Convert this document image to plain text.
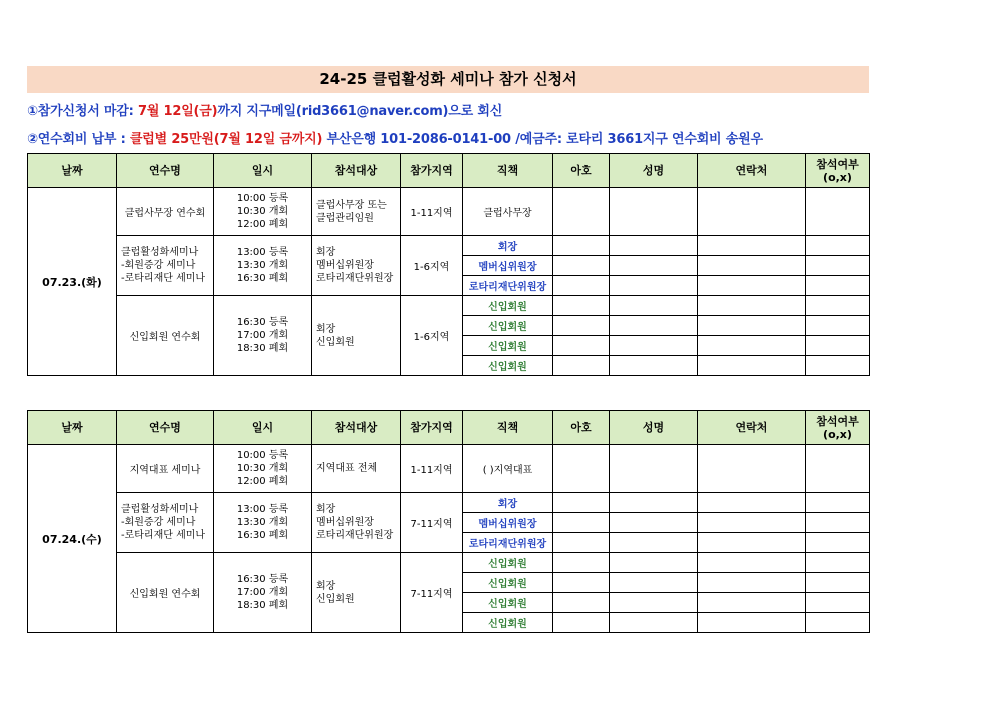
24-25 클럽활성화 세미나 참가 신청서
①참가신청서 마감: 7월 12일(금)까지 지구메일(rid3661@naver.com)으로 회신
②연수회비 납부 : 클럽별 25만원(7월 12일 금까지) 부산은행 101-2086-0141-00 /예금주: 로타리 3661지구 연수회비 송원우
날짜	연수명	일시	참석대상	참가지역	직책	아호	성명	연락처	참석여부
(o,x)
07.23.(화)	클럽사무장 연수회	10:00 등록
10:30 개회
12:00 폐회	클럽사무장 또는
클럽관리임원	1-11지역	클럽사무장				
	클럽활성화세미나
-회원증강 세미나
-로타리재단 세미나	13:00 등록
13:30 개회
16:30 폐회	회장
멤버십위원장
로타리재단위원장	1-6지역	회장				
					멤버십위원장				
					로타리재단위원장				
	신입회원 연수회	16:30 등록
17:00 개회
18:30 폐회	회장
신입회원	1-6지역	신입회원				
					신입회원				
					신입회원				
					신입회원				
날짜	연수명	일시	참석대상	참가지역	직책	아호	성명	연락처	참석여부
(o,x)
07.24.(수)	지역대표 세미나	10:00 등록
10:30 개회
12:00 폐회	지역대표 전체	1-11지역	( )지역대표				
	클럽활성화세미나
-회원증강 세미나
-로타리재단 세미나	13:00 등록
13:30 개회
16:30 폐회	회장
멤버십위원장
로타리재단위원장	7-11지역	회장				
					멤버십위원장				
					로타리재단위원장				
	신입회원 연수회	16:30 등록
17:00 개회
18:30 폐회	회장
신입회원	7-11지역	신입회원				
					신입회원				
					신입회원				
					신입회원				
